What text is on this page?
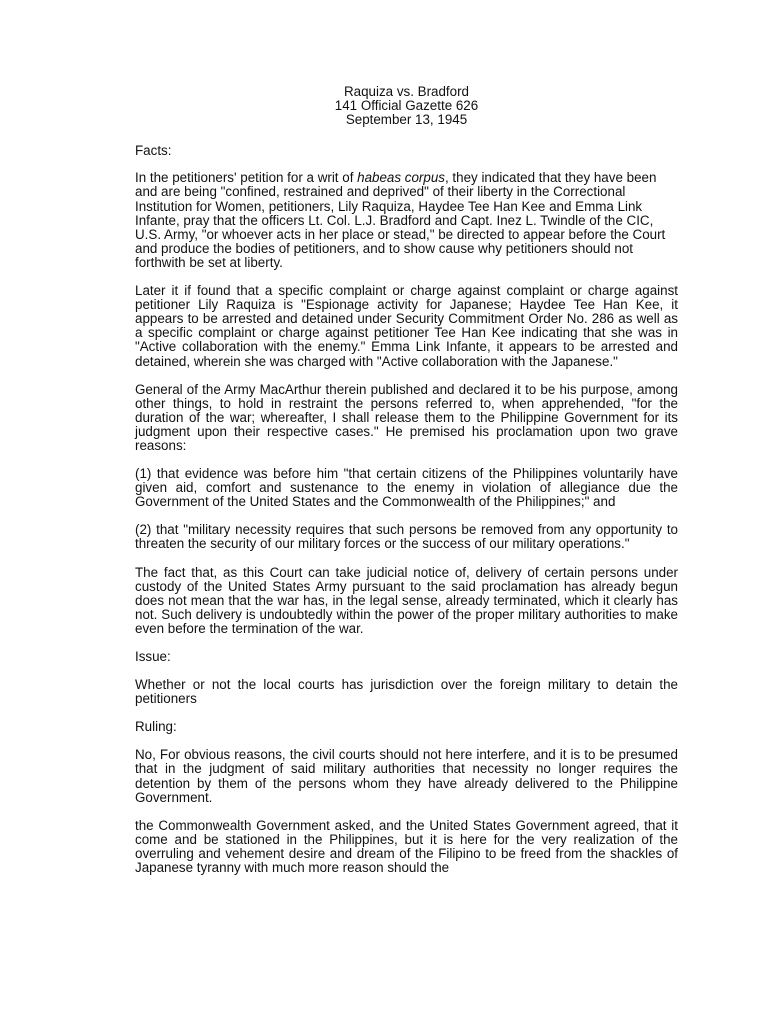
Raquiza vs. Bradford
141 Official Gazette 626
September 13, 1945

Facts:

In the petitioners' petition for a writ of habeas corpus, they indicated that they have been and are being "confined, restrained and deprived" of their liberty in the Correctional Institution for Women, petitioners, Lily Raquiza, Haydee Tee Han Kee and Emma Link Infante, pray that the officers Lt. Col. L.J. Bradford and Capt. Inez L. Twindle of the CIC, U.S. Army, "or whoever acts in her place or stead," be directed to appear before the Court and produce the bodies of petitioners, and to show cause why petitioners should not forthwith be set at liberty.

Later it if found that a specific complaint or charge against complaint or charge against petitioner Lily Raquiza is "Espionage activity for Japanese; Haydee Tee Han Kee, it appears to be arrested and detained under Security Commitment Order No. 286 as well as a specific complaint or charge against petitioner Tee Han Kee indicating that she was in "Active collaboration with the enemy." Emma Link Infante, it appears to be arrested and detained, wherein she was charged with "Active collaboration with the Japanese."

General of the Army MacArthur therein published and declared it to be his purpose, among other things, to hold in restraint the persons referred to, when apprehended, "for the duration of the war; whereafter, I shall release them to the Philippine Government for its judgment upon their respective cases." He premised his proclamation upon two grave reasons:

(1) that evidence was before him "that certain citizens of the Philippines voluntarily have given aid, comfort and sustenance to the enemy in violation of allegiance due the Government of the United States and the Commonwealth of the Philippines;" and

(2) that "military necessity requires that such persons be removed from any opportunity to threaten the security of our military forces or the success of our military operations."

The fact that, as this Court can take judicial notice of, delivery of certain persons under custody of the United States Army pursuant to the said proclamation has already begun does not mean that the war has, in the legal sense, already terminated, which it clearly has not. Such delivery is undoubtedly within the power of the proper military authorities to make even before the termination of the war.

Issue:

Whether or not the local courts has jurisdiction over the foreign military to detain the petitioners

Ruling:

No, For obvious reasons, the civil courts should not here interfere, and it is to be presumed that in the judgment of said military authorities that necessity no longer requires the detention by them of the persons whom they have already delivered to the Philippine Government.

the Commonwealth Government asked, and the United States Government agreed, that it come and be stationed in the Philippines, but it is here for the very realization of the overruling and vehement desire and dream of the Filipino to be freed from the shackles of Japanese tyranny with much more reason should the
